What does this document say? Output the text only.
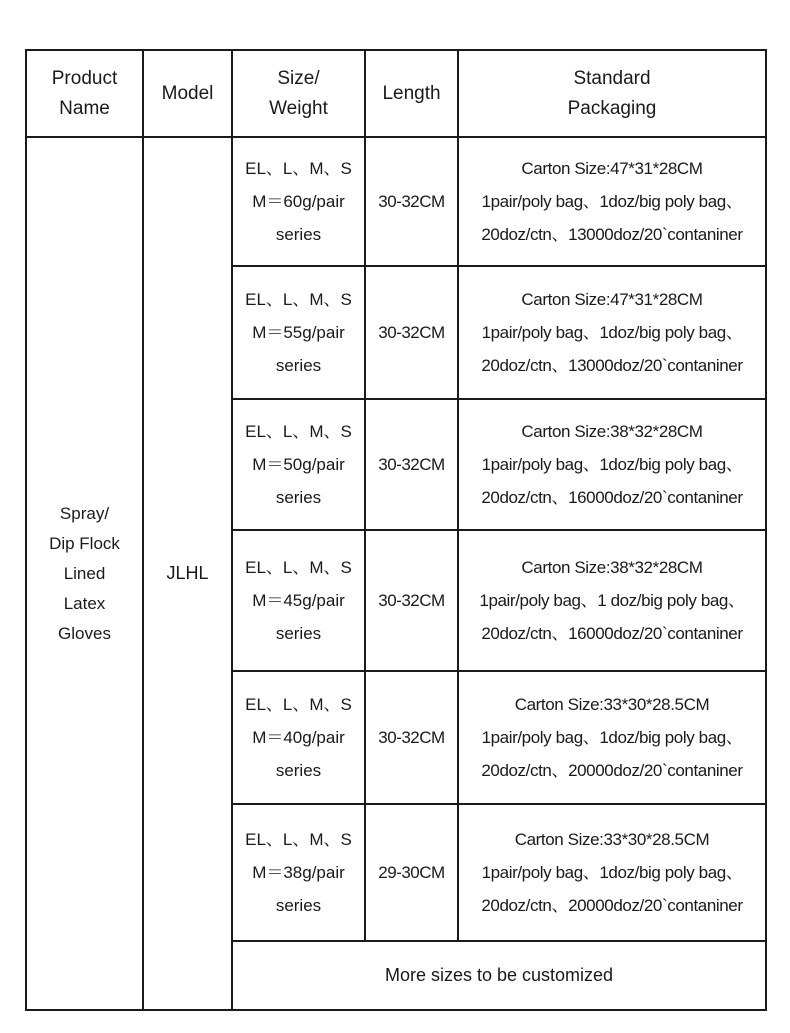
Product
Name	Model	Size/
Weight	Length	Standard
Packaging

Spray/
Dip Flock
Lined
Latex
Gloves	JLHL	EL、L、M、S
M＝60g/pair
series	30-32CM	Carton Size:47*31*28CM
1pair/poly bag、1doz/big poly bag、
20doz/ctn、13000doz/20`contaniner

		EL、L、M、S
M＝55g/pair
series	30-32CM	Carton Size:47*31*28CM
1pair/poly bag、1doz/big poly bag、
20doz/ctn、13000doz/20`contaniner

		EL、L、M、S
M＝50g/pair
series	30-32CM	Carton Size:38*32*28CM
1pair/poly bag、1doz/big poly bag、
20doz/ctn、16000doz/20`contaniner

		EL、L、M、S
M＝45g/pair
series	30-32CM	Carton Size:38*32*28CM
1pair/poly bag、1 doz/big poly bag、
20doz/ctn、16000doz/20`contaniner

		EL、L、M、S
M＝40g/pair
series	30-32CM	Carton Size:33*30*28.5CM
1pair/poly bag、1doz/big poly bag、
20doz/ctn、20000doz/20`contaniner

		EL、L、M、S
M＝38g/pair
series	29-30CM	Carton Size:33*30*28.5CM
1pair/poly bag、1doz/big poly bag、
20doz/ctn、20000doz/20`contaniner

		More sizes to be customized		
